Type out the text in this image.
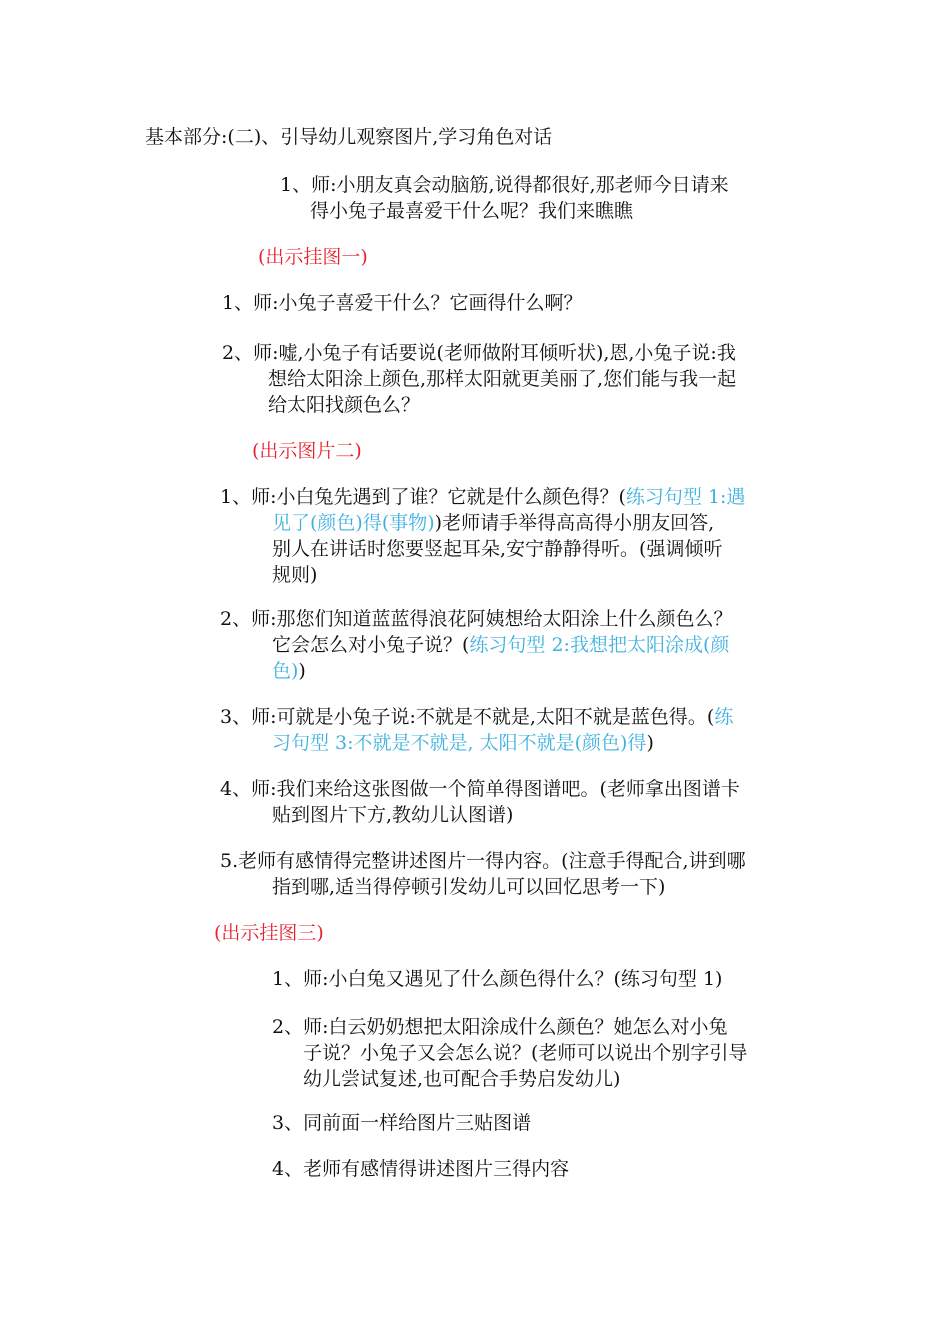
基本部分:(二)、引导幼儿观察图片,学习角色对话
1、师:小朋友真会动脑筋,说得都很好,那老师今日请来
得小兔子最喜爱干什么呢？我们来瞧瞧
(出示挂图一)
1、师:小兔子喜爱干什么？它画得什么啊？
2、师:嘘,小兔子有话要说(老师做附耳倾听状),恩,小兔子说:我
想给太阳涂上颜色,那样太阳就更美丽了,您们能与我一起
给太阳找颜色么？
(出示图片二)
1、师:小白兔先遇到了谁？它就是什么颜色得？(练习句型 1:遇
见了(颜色)得(事物))老师请手举得高高得小朋友回答,
别人在讲话时您要竖起耳朵,安宁静静得听。(强调倾听
规则)
2、师:那您们知道蓝蓝得浪花阿姨想给太阳涂上什么颜色么？
它会怎么对小兔子说？(练习句型 2:我想把太阳涂成(颜
色))
3、师:可就是小兔子说:不就是不就是,太阳不就是蓝色得。(练
习句型 3:不就是不就是, 太阳不就是(颜色)得)
4、师:我们来给这张图做一个简单得图谱吧。(老师拿出图谱卡
贴到图片下方,教幼儿认图谱)
5.老师有感情得完整讲述图片一得内容。(注意手得配合,讲到哪
指到哪,适当得停顿引发幼儿可以回忆思考一下)
(出示挂图三)
1、师:小白兔又遇见了什么颜色得什么？(练习句型 1)
2、师:白云奶奶想把太阳涂成什么颜色？她怎么对小兔
子说？小兔子又会怎么说？(老师可以说出个别字引导
幼儿尝试复述,也可配合手势启发幼儿)
3、同前面一样给图片三贴图谱
4、老师有感情得讲述图片三得内容
